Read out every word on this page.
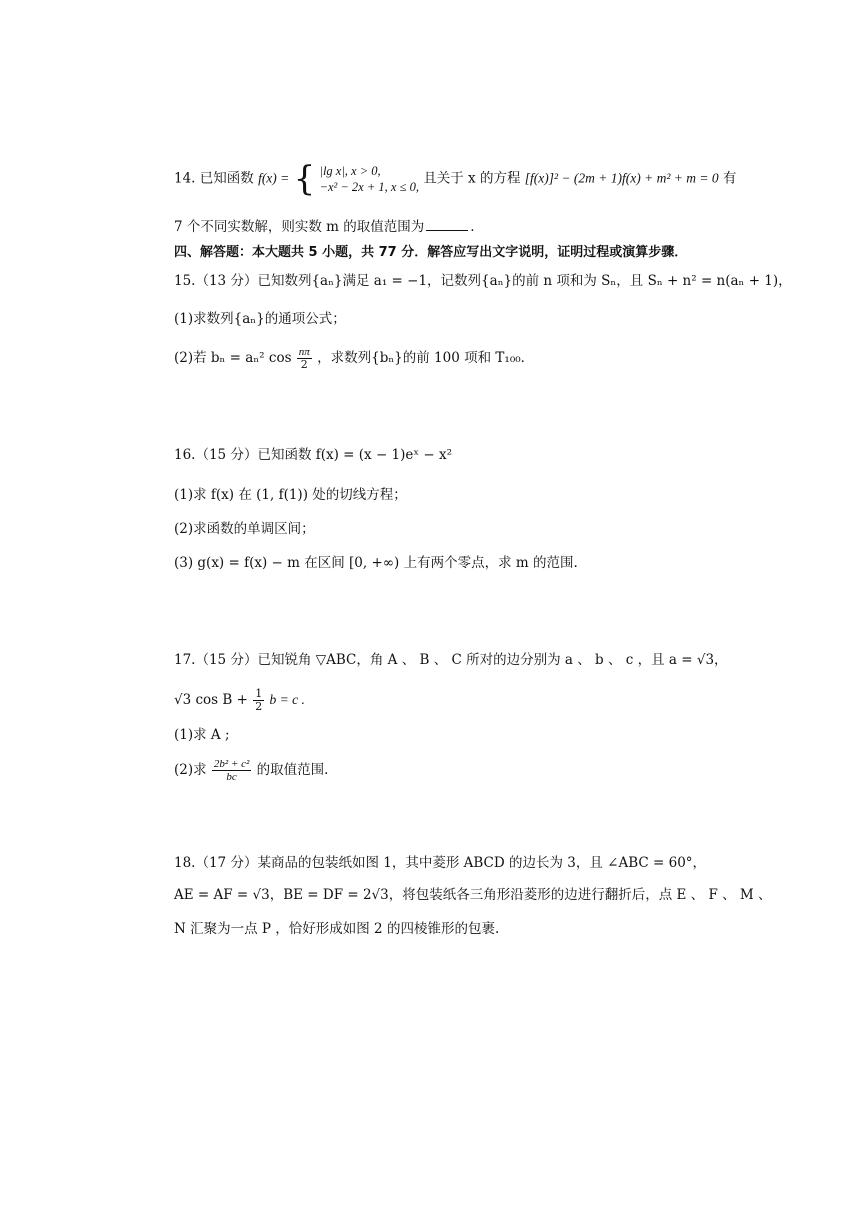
14. 已知函数 f(x) = { |lg x|, x > 0,
−x² − 2x + 1, x ≤ 0,
且关于 x 的方程 [f(x)]² − (2m + 1)f(x) + m² + m = 0 有
7 个不同实数解，则实数 m 的取值范围为	.
四、解答题：本大题共 5 小题，共 77 分．解答应写出文字说明，证明过程或演算步骤．
15.（13 分）已知数列{aₙ}满足 a₁ = −1，记数列{aₙ}的前 n 项和为 Sₙ，且 Sₙ + n² = n(aₙ + 1)，
(1)求数列{aₙ}的通项公式；
(2)若 bₙ = aₙ² $\cos \frac{n\pi}{2}$ ，求数列{bₙ}的前 100 项和 T₁₀₀．
16.（15 分）已知函数 f(x) = (x − 1)eˣ − x²
(1)求 f(x) 在 (1, f(1)) 处的切线方程；
(2)求函数的单调区间；
(3) g(x) = f(x) − m 在区间 [0, +∞) 上有两个零点，求 m 的范围.
17.（15 分）已知锐角 ▽ABC，角 A 、 B 、 C 所对的边分别为 a 、 b 、 c ，且 a = √3，
√3 $\cos B + \frac{1}{2}$ b = c .
(1)求 A ;
(2)求 $\frac{\text{2b² + c²}}{bc}$ 的取值范围.
18.（17 分）某商品的包装纸如图 1，其中菱形 ABCD 的边长为 3，且 ∠ABC = 60°，
AE = AF = √3，BE = DF = 2√3，将包装纸各三角形沿菱形的边进行翻折后，点 E 、 F 、 M 、
N 汇聚为一点 P ，恰好形成如图 2 的四棱锥形的包裹.
